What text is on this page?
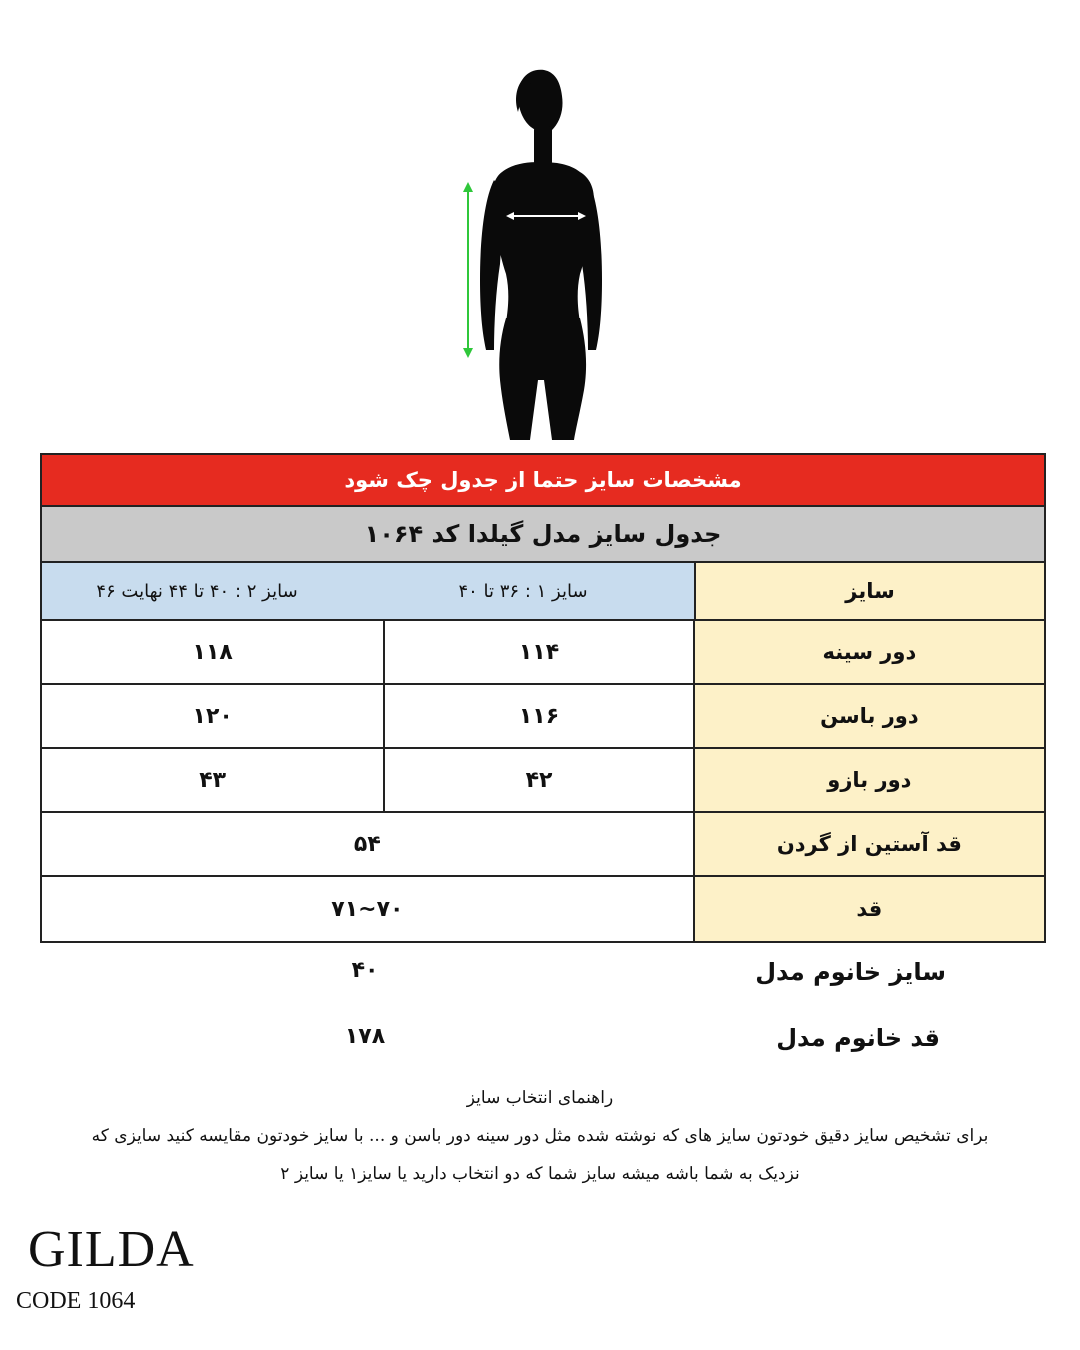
مشخصات سایز حتما از جدول چک شود
جدول سایز مدل گیلدا کد ۱۰۶۴
سایز ۲ : ۴۰ تا ۴۴ نهایت ۴۶	سایز ۱ : ۳۶ تا ۴۰	سایز
۱۱۸	۱۱۴	دور سینه
۱۲۰	۱۱۶	دور باسن
۴۳	۴۲	دور بازو
۵۴	قد آستین از گردن
۷۰~۷۱	قد
سایز خانوم مدل
۴۰
قد خانوم مدل
۱۷۸
راهنمای انتخاب سایز
برای تشخیص سایز دقیق خودتون سایز های که نوشته شده مثل دور سینه دور باسن و ... با سایز خودتون مقایسه کنید سایزی که
نزدیک به شما باشه میشه سایز شما که دو انتخاب دارید یا سایز۱ یا سایز ۲
GILDA
CODE 1064
